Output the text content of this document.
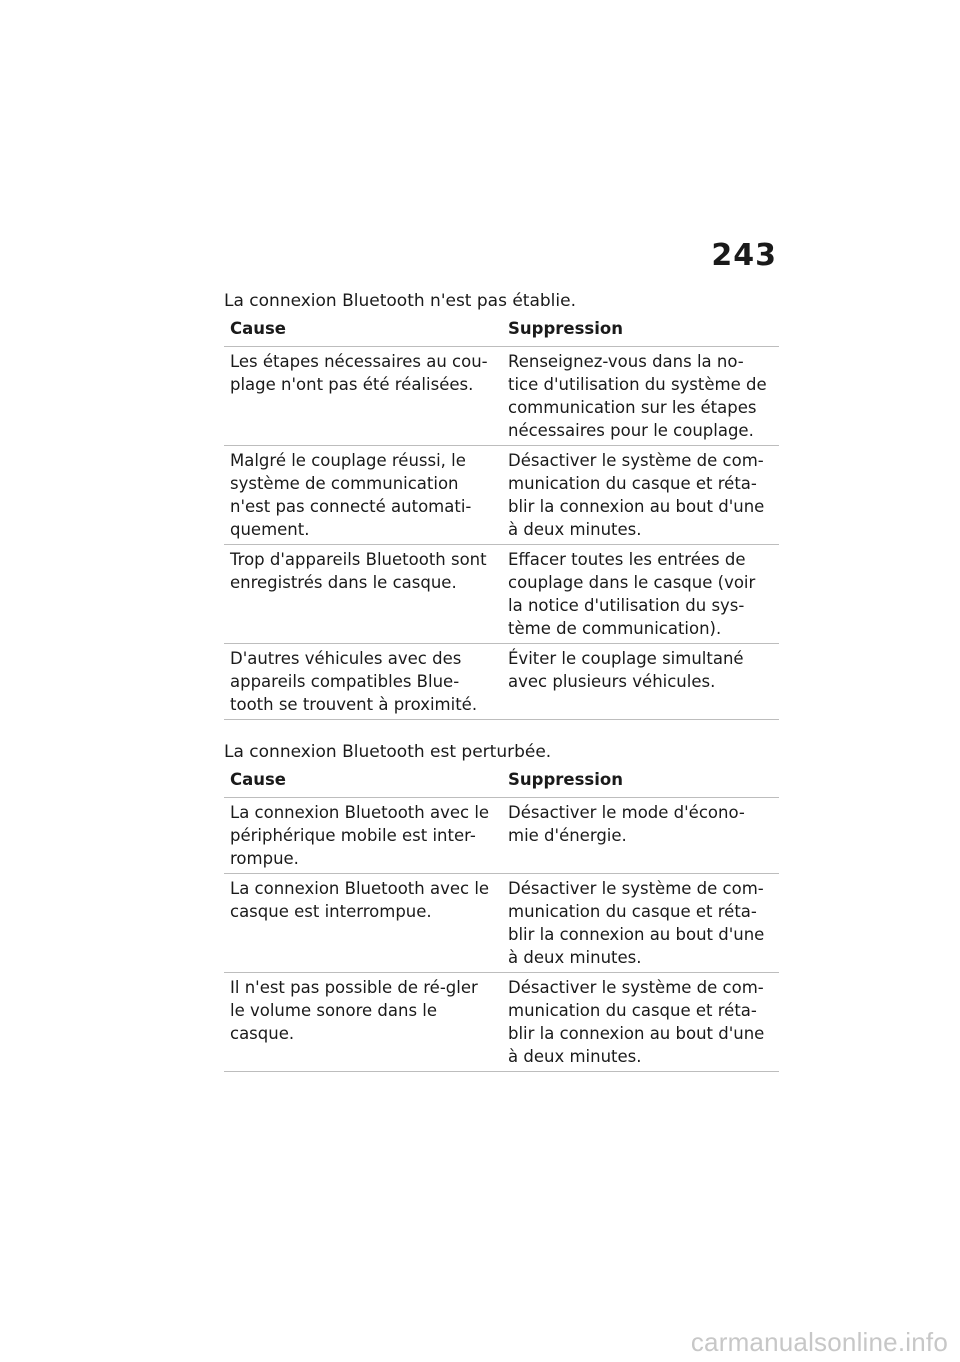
243

La connexion Bluetooth n'est pas établie.

Cause	Suppression
Les étapes nécessaires au cou-plage n'ont pas été réalisées.	Renseignez-vous dans la no-tice d'utilisation du système de communication sur les étapes nécessaires pour le couplage.
Malgré le couplage réussi, le système de communication n'est pas connecté automati-quement.	Désactiver le système de com-munication du casque et réta-blir la connexion au bout d'une à deux minutes.
Trop d'appareils Bluetooth sont enregistrés dans le casque.	Effacer toutes les entrées de couplage dans le casque (voir la notice d'utilisation du sys-tème de communication).
D'autres véhicules avec des appareils compatibles Blue-tooth se trouvent à proximité.	Éviter le couplage simultané avec plusieurs véhicules.

La connexion Bluetooth est perturbée.

Cause	Suppression
La connexion Bluetooth avec le périphérique mobile est inter-rompue.	Désactiver le mode d'écono-mie d'énergie.
La connexion Bluetooth avec le casque est interrompue.	Désactiver le système de com-munication du casque et réta-blir la connexion au bout d'une à deux minutes.
Il n'est pas possible de ré-gler le volume sonore dans le casque.	Désactiver le système de com-munication du casque et réta-blir la connexion au bout d'une à deux minutes.
carmanualsonline.info
